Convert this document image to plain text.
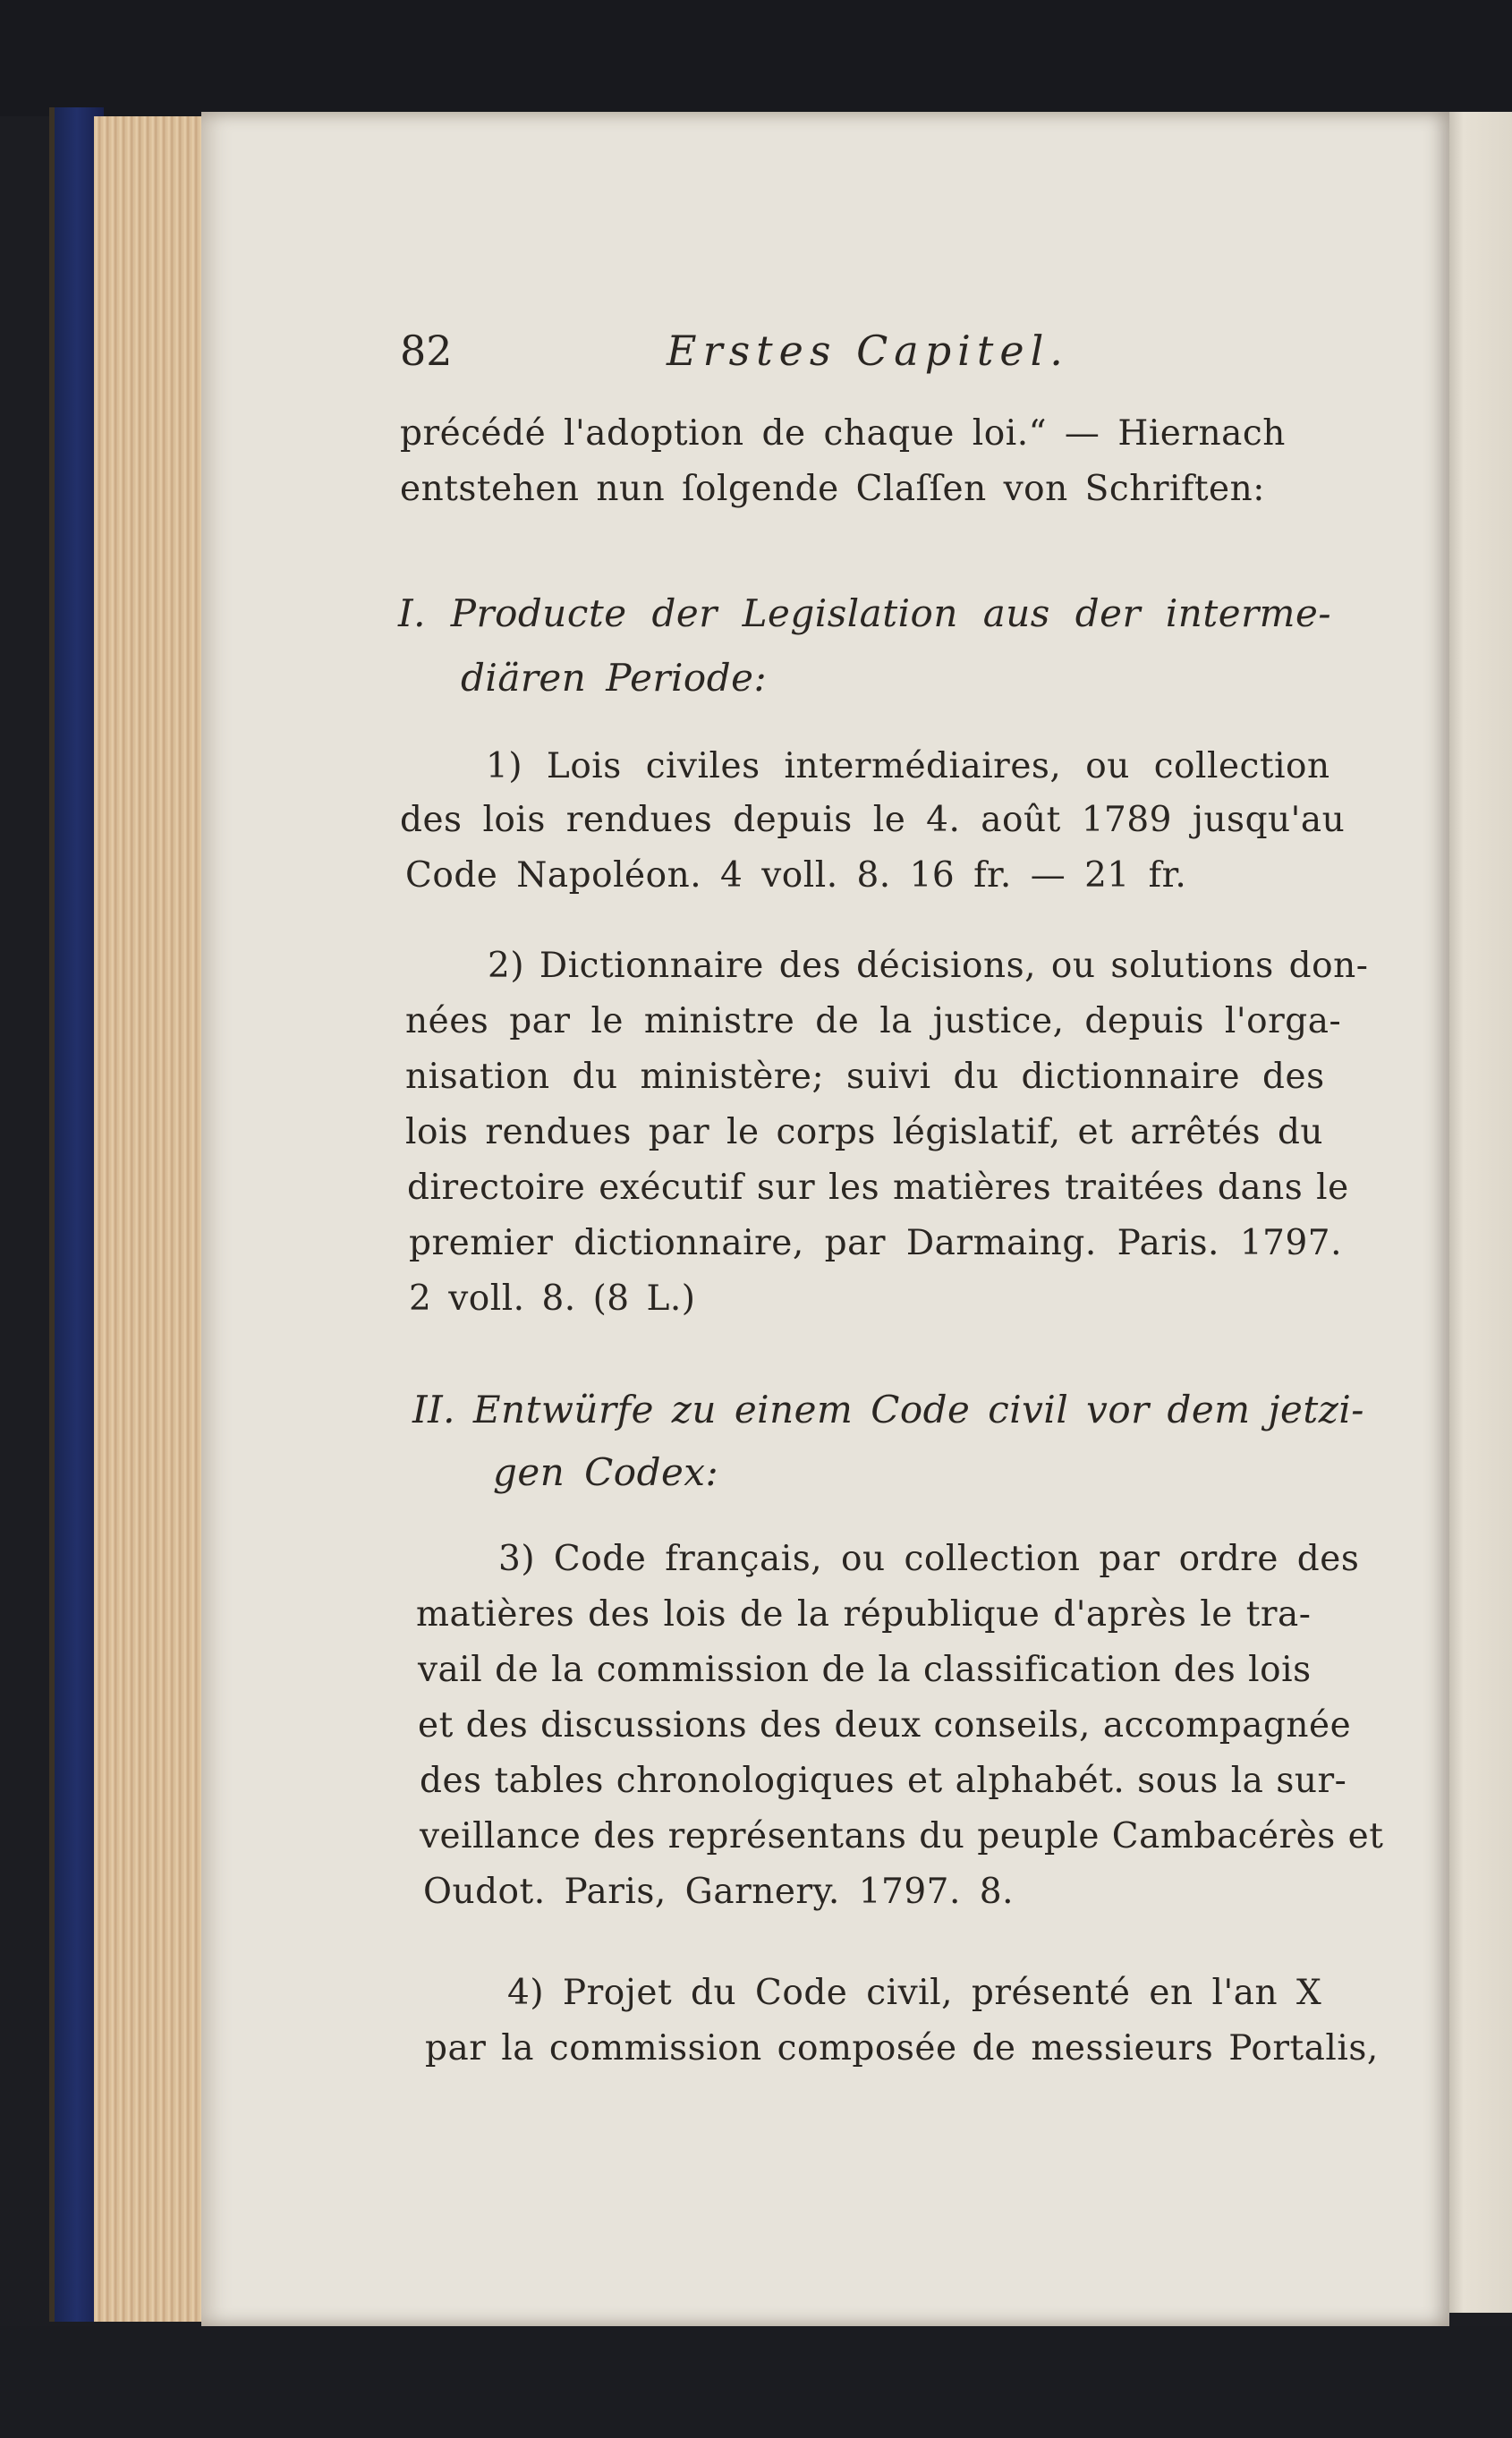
82	Erstes Capitel.
précédé l'adoption de chaque loi.“ — Hiernach
entstehen nun ſolgende Claſſen von Schriften:
I. Producte der Legislation aus der interme-
diären Periode:
1) Lois civiles intermédiaires, ou collection
des lois rendues depuis le 4. août 1789 jusqu'au
Code Napoléon. 4 voll. 8. 16 fr. — 21 fr.
2) Dictionnaire des décisions, ou solutions don-
nées par le ministre de la justice, depuis l'orga-
nisation du ministère; suivi du dictionnaire des
lois rendues par le corps législatif, et arrêtés du
directoire exécutif sur les matières traitées dans le
premier dictionnaire, par Darmaing. Paris. 1797.
2 voll. 8. (8 L.)
II. Entwürfe zu einem Code civil vor dem jetzi-
gen Codex:
3) Code français, ou collection par ordre des
matières des lois de la république d'après le tra-
vail de la commission de la classification des lois
et des discussions des deux conseils, accompagnée
des tables chronologiques et alphabét. sous la sur-
veillance des représentans du peuple Cambacérès et
Oudot. Paris, Garnery. 1797. 8.
4) Projet du Code civil, présenté en l'an X
par la commission composée de messieurs Portalis,
